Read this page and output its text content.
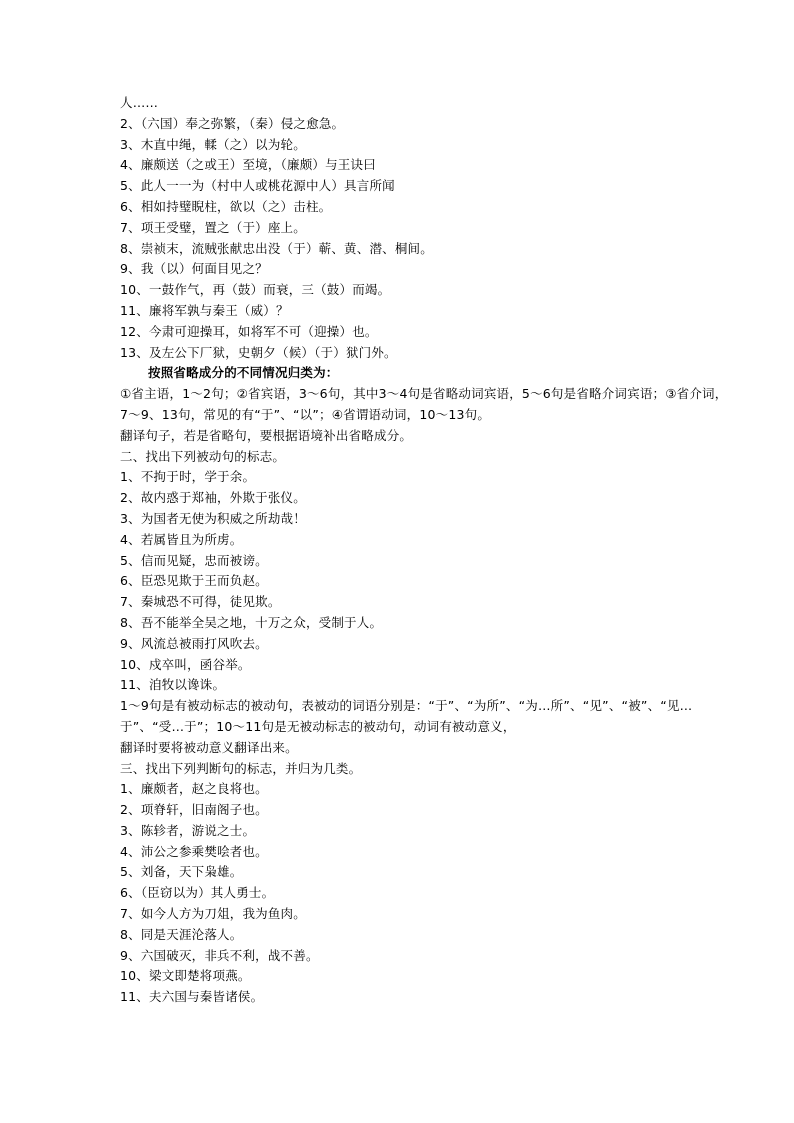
人……

2、（六国）奉之弥繁，（秦）侵之愈急。

3、木直中绳，輮（之）以为轮。

4、廉颇送（之或王）至境，（廉颇）与王诀曰

5、此人一一为（村中人或桃花源中人）具言所闻

6、相如持璧睨柱，欲以（之）击柱。

7、项王受璧，置之（于）座上。

8、崇祯末，流贼张献忠出没（于）蕲、黄、潜、桐间。

9、我（以）何面目见之？

10、一鼓作气，再（鼓）而衰，三（鼓）而竭。

11、廉将军孰与秦王（威）？

12、今肃可迎操耳，如将军不可（迎操）也。

13、及左公下厂狱，史朝夕（候）（于）狱门外。

按照省略成分的不同情况归类为：

①省主语，1～2句；②省宾语，3～6句，其中3～4句是省略动词宾语，5～6句是省略介词宾语；③省介词，7～9、13句，常见的有“于”、“以”；④省谓语动词，10～13句。

翻译句子，若是省略句，要根据语境补出省略成分。

二、找出下列被动句的标志。

1、不拘于时，学于余。

2、故内惑于郑袖，外欺于张仪。

3、为国者无使为积威之所劫哉！

4、若属皆且为所虏。

5、信而见疑，忠而被谤。

6、臣恐见欺于王而负赵。

7、秦城恐不可得，徒见欺。

8、吾不能举全吴之地，十万之众，受制于人。

9、风流总被雨打风吹去。

10、戍卒叫，函谷举。

11、洎牧以谗诛。

1～9句是有被动标志的被动句，表被动的词语分别是：“于”、“为所”、“为…所”、“见”、“被”、“见…于”、“受…于”；10～11句是无被动标志的被动句，动词有被动意义，

翻译时要将被动意义翻译出来。

三、找出下列判断句的标志，并归为几类。

1、廉颇者，赵之良将也。

2、项脊轩，旧南阁子也。

3、陈轸者，游说之士。

4、沛公之参乘樊哙者也。

5、刘备，天下枭雄。

6、（臣窃以为）其人勇士。

7、如今人方为刀俎，我为鱼肉。

8、同是天涯沦落人。

9、六国破灭，非兵不利，战不善。

10、梁文即楚将项燕。

11、夫六国与秦皆诸侯。
